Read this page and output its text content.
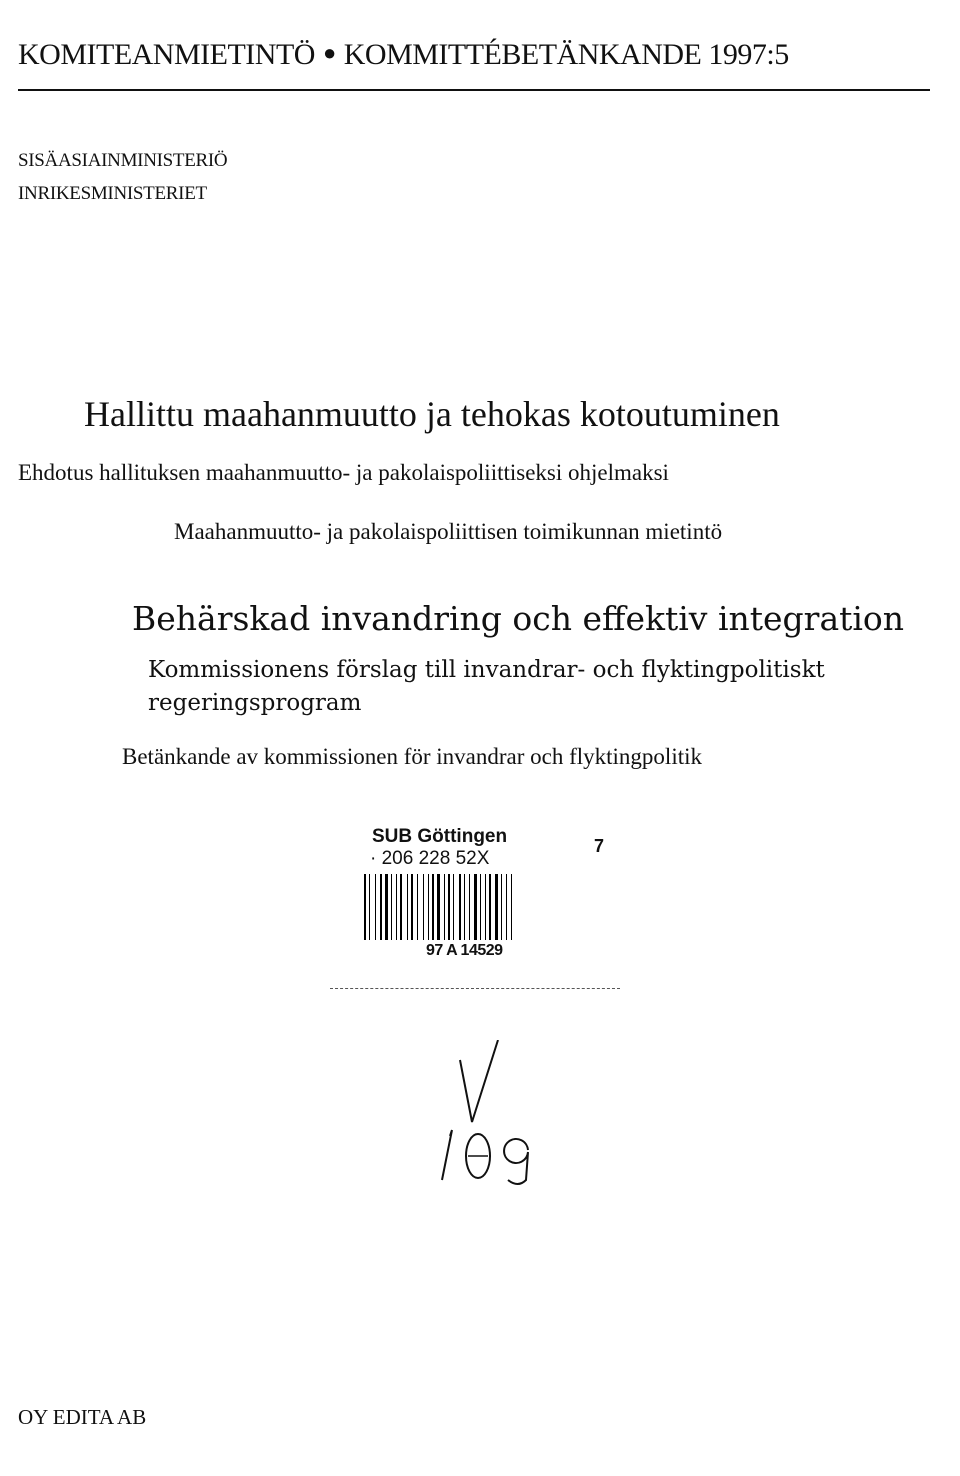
KOMITEANMIETINTÖ ● KOMMITTÉBETÄNKANDE 1997:5
SISÄASIAINMINISTERIÖ
INRIKESMINISTERIET
Hallittu maahanmuutto ja tehokas kotoutuminen
Ehdotus hallituksen maahanmuutto- ja pakolaispoliittiseksi ohjelmaksi
Maahanmuutto- ja pakolaispoliittisen toimikunnan mietintö
Behärskad invandring och effektiv integration
Kommissionens förslag till invandrar- och flyktingpolitiskt
regeringsprogram
Betänkande av kommissionen för invandrar och flyktingpolitik
SUB Göttingen
· 206 228 52X
7
97 A 14529
OY EDITA AB
